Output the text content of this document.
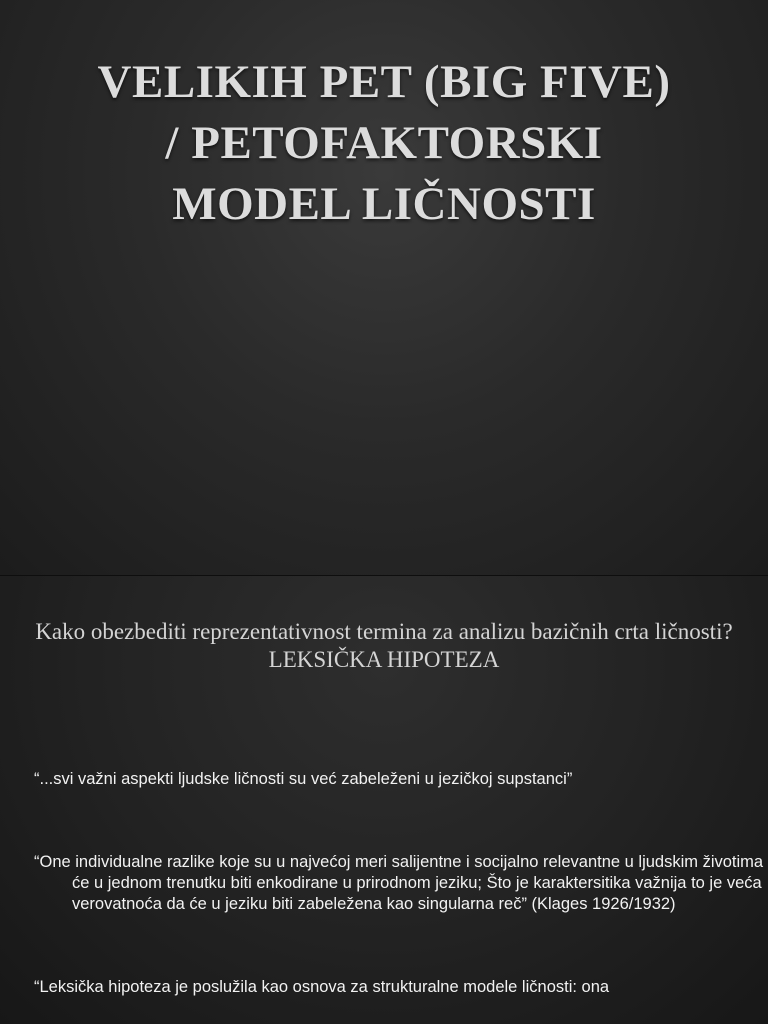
VELIKIH PET (BIG FIVE) / PETOFAKTORSKI MODEL LIČNOSTI

Kako obezbediti reprezentativnost termina za analizu bazičnih crta ličnosti? LEKSIČKA HIPOTEZA

“...svi važni aspekti ljudske ličnosti su već zabeleženi u jezičkoj supstanci”

“One individualne razlike koje su u najvećoj meri salijentne i socijalno relevantne u ljudskim životima će u jednom trenutku biti enkodirane u prirodnom jeziku; Što je karaktersitika važnija to je veća verovatnoća da će u jeziku biti zabeležena kao singularna reč” (Klages 1926/1932)

“Leksička hipoteza je poslužila kao osnova za strukturalne modele ličnosti: ona
